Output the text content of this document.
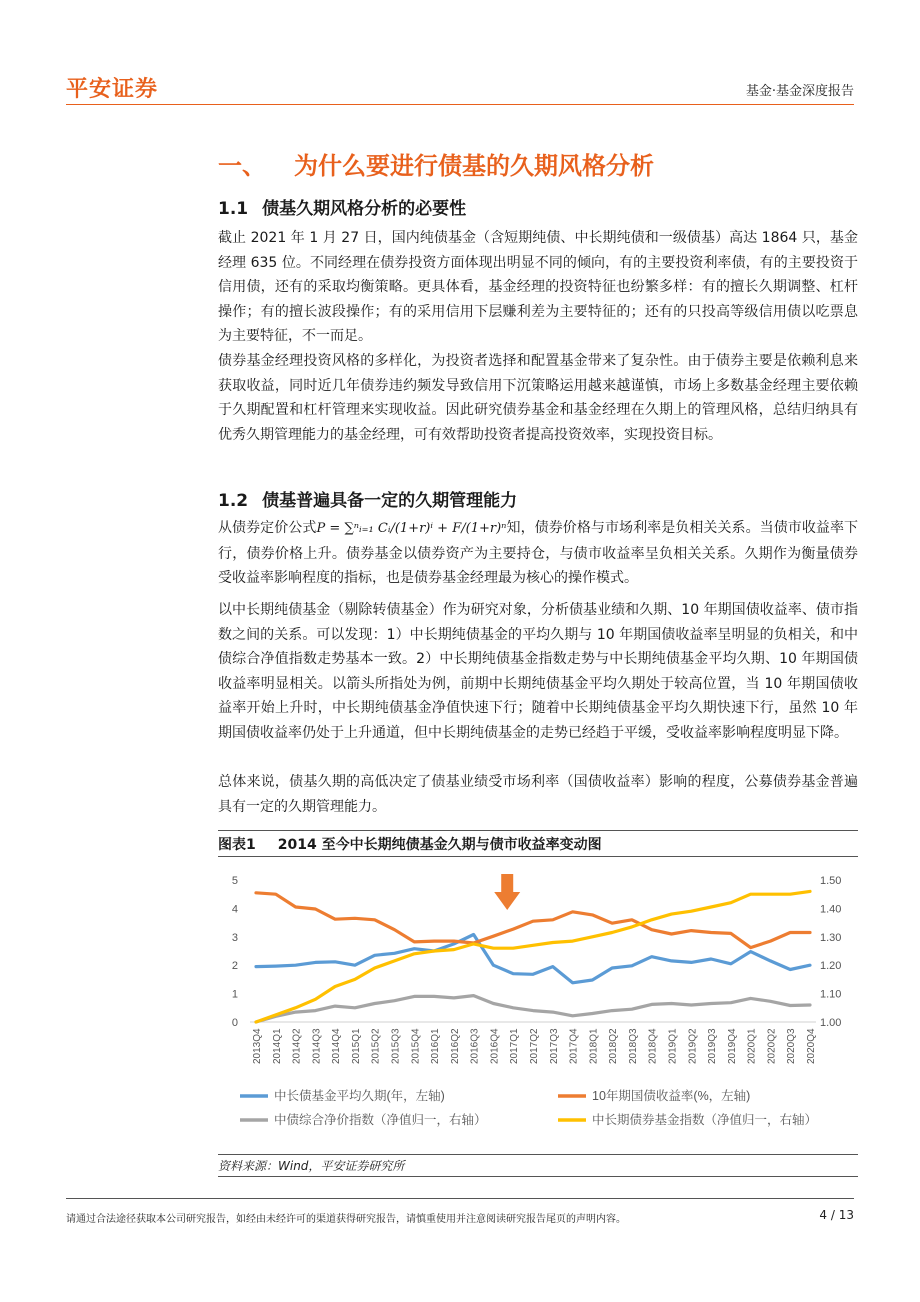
平安证券	基金·基金深度报告
一、 为什么要进行债基的久期风格分析
1.1 债基久期风格分析的必要性
截止 2021 年 1 月 27 日，国内纯债基金（含短期纯债、中长期纯债和一级债基）高达 1864 只，基金经理 635 位。不同经理在债券投资方面体现出明显不同的倾向，有的主要投资利率债，有的主要投资于信用债，还有的采取均衡策略。更具体看，基金经理的投资特征也纷繁多样：有的擅长久期调整、杠杆操作；有的擅长波段操作；有的采用信用下层赚利差为主要特征的；还有的只投高等级信用债以吃票息为主要特征，不一而足。
债券基金经理投资风格的多样化，为投资者选择和配置基金带来了复杂性。由于债券主要是依赖利息来获取收益，同时近几年债券违约频发导致信用下沉策略运用越来越谨慎，市场上多数基金经理主要依赖于久期配置和杠杆管理来实现收益。因此研究债券基金和基金经理在久期上的管理风格，总结归纳具有优秀久期管理能力的基金经理，可有效帮助投资者提高投资效率，实现投资目标。
1.2 债基普遍具备一定的久期管理能力
从债券定价公式P = ∑ⁿᵢ₌₁ Cᵢ/(1+r)ⁱ + F/(1+r)ⁿ知，债券价格与市场利率是负相关关系。当债市收益率下行，债券价格上升。债券基金以债券资产为主要持仓，与债市收益率呈负相关关系。久期作为衡量债券受收益率影响程度的指标，也是债券基金经理最为核心的操作模式。
以中长期纯债基金（剔除转债基金）作为研究对象，分析债基业绩和久期、10 年期国债收益率、债市指数之间的关系。可以发现：1）中长期纯债基金的平均久期与 10 年期国债收益率呈明显的负相关，和中债综合净值指数走势基本一致。2）中长期纯债基金指数走势与中长期纯债基金平均久期、10 年期国债收益率明显相关。以箭头所指处为例，前期中长期纯债基金平均久期处于较高位置，当 10 年期国债收益率开始上升时，中长期纯债基金净值快速下行；随着中长期纯债基金平均久期快速下行，虽然 10 年期国债收益率仍处于上升通道，但中长期纯债基金的走势已经趋于平缓，受收益率影响程度明显下降。
总体来说，债基久期的高低决定了债基业绩受市场利率（国债收益率）影响的程度，公募债券基金普遍具有一定的久期管理能力。
图表1 2014 至今中长期纯债基金久期与债市收益率变动图
0
1
2
3
4
5
1.00
1.10
1.20
1.30
1.40
1.50
2013Q4 2014Q1 2014Q2 2014Q3 2014Q4 2015Q1 2015Q2 2015Q3 2015Q4 2016Q1 2016Q2 2016Q3 2016Q4 2017Q1 2017Q2 2017Q3 2017Q4 2018Q1 2018Q2 2018Q3 2018Q4 2019Q1 2019Q2 2019Q3 2019Q4 2020Q1 2020Q2 2020Q3 2020Q4
中长债基金平均久期(年，左轴)	10年期国债收益率(%，左轴)
中债综合净价指数（净值归一，右轴）	中长期债券基金指数（净值归一，右轴）
资料来源：Wind，平安证券研究所
请通过合法途径获取本公司研究报告，如经由未经许可的渠道获得研究报告，请慎重使用并注意阅读研究报告尾页的声明内容。	4 / 13
